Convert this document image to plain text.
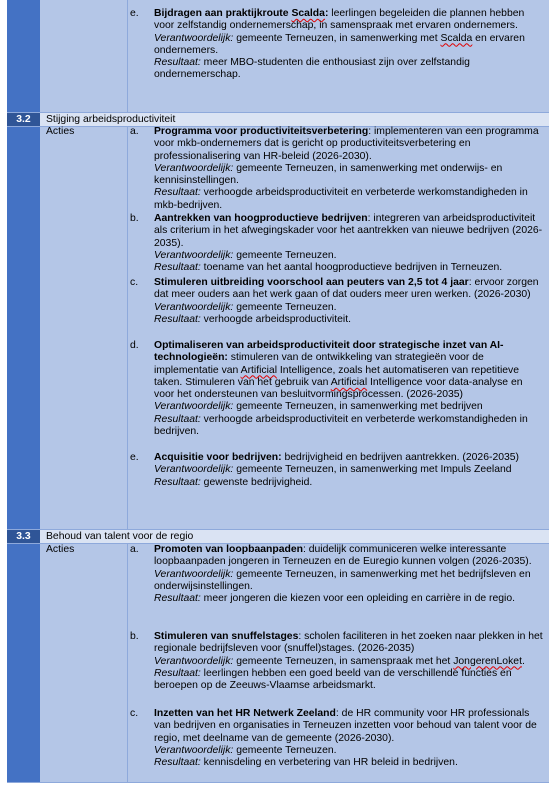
e.	Bijdragen aan praktijkroute Scalda: leerlingen begeleiden die plannen hebben voor zelfstandig ondernemerschap, in samenspraak met ervaren ondernemers.

Verantwoordelijk: gemeente Terneuzen, in samenwerking met Scalda en ervaren ondernemers.

Resultaat: meer MBO-studenten die enthousiast zijn over zelfstandig ondernemerschap.

3.2	Stijging arbeidsproductiviteit
Acties	a.	Programma voor productiviteitsverbetering: implementeren van een programma voor mkb-ondernemers dat is gericht op productiviteitsverbetering en professionalisering van HR-beleid (2026-2030).

Verantwoordelijk: gemeente Terneuzen, in samenwerking met onderwijs- en kennisinstellingen.

Resultaat: verhoogde arbeidsproductiviteit en verbeterde werkomstandigheden in mkb-bedrijven.

b.	Aantrekken van hoogproductieve bedrijven: integreren van arbeidsproductiviteit als criterium in het afwegingskader voor het aantrekken van nieuwe bedrijven (2026-2035).

Verantwoordelijk: gemeente Terneuzen.

Resultaat: toename van het aantal hoogproductieve bedrijven in Terneuzen.

c.	Stimuleren uitbreiding voorschool aan peuters van 2,5 tot 4 jaar: ervoor zorgen dat meer ouders aan het werk gaan of dat ouders meer uren werken. (2026-2030)

Verantwoordelijk: gemeente Terneuzen.

Resultaat: verhoogde arbeidsproductiviteit.

d.	Optimaliseren van arbeidsproductiviteit door strategische inzet van AI-technologieën: stimuleren van de ontwikkeling van strategieën voor de implementatie van Artificial Intelligence, zoals het automatiseren van repetitieve taken. Stimuleren van het gebruik van Artificial Intelligence voor data-analyse en voor het ondersteunen van besluitvormingsprocessen. (2026-2035)

Verantwoordelijk: gemeente Terneuzen, in samenwerking met bedrijven

Resultaat: verhoogde arbeidsproductiviteit en verbeterde werkomstandigheden in bedrijven.

e.	Acquisitie voor bedrijven: bedrijvigheid en bedrijven aantrekken. (2026-2035)

Verantwoordelijk: gemeente Terneuzen, in samenwerking met Impuls Zeeland

Resultaat: gewenste bedrijvigheid.

3.3	Behoud van talent voor de regio
Acties	a.	Promoten van loopbaanpaden: duidelijk communiceren welke interessante loopbaanpaden jongeren in Terneuzen en de Euregio kunnen volgen (2026-2035).

Verantwoordelijk: gemeente Terneuzen, in samenwerking met het bedrijfsleven en onderwijsinstellingen.

Resultaat: meer jongeren die kiezen voor een opleiding en carrière in de regio.

b.	Stimuleren van snuffelstages: scholen faciliteren in het zoeken naar plekken in het regionale bedrijfsleven voor (snuffel)stages. (2026-2035)

Verantwoordelijk: gemeente Terneuzen, in samenspraak met het JongerenLoket.

Resultaat: leerlingen hebben een goed beeld van de verschillende functies en beroepen op de Zeeuws-Vlaamse arbeidsmarkt.

c.	Inzetten van het HR Netwerk Zeeland: de HR community voor HR professionals van bedrijven en organisaties in Terneuzen inzetten voor behoud van talent voor de regio, met deelname van de gemeente (2026-2030).

Verantwoordelijk: gemeente Terneuzen.

Resultaat: kennisdeling en verbetering van HR beleid in bedrijven.
